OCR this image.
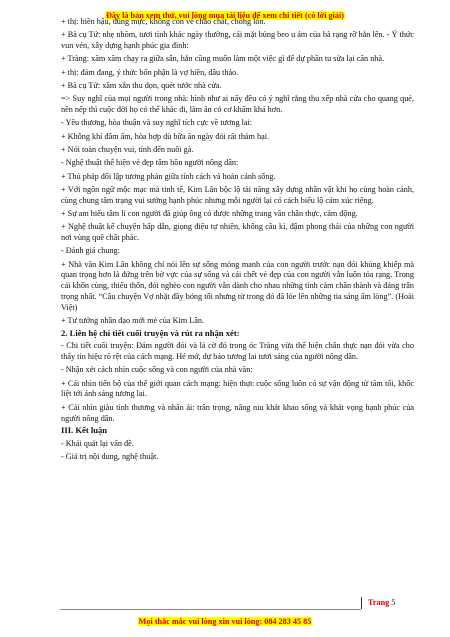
Đây là bản xem thử, vui lòng mua tài liệu để xem chi tiết (có lời giải)

+ thị: hiền hậu, đúng mực, không còn vẻ chao chát, chỏng lỏn.

+ Bà cụ Tứ: nhẹ nhõm, tươi tỉnh khác ngày thường, cái mặt bủng beo u ám của bà rạng rỡ hẳn lên. - Ý thức vun vén, xây dựng hạnh phúc gia đình:

+ Tràng: xăm xăm chạy ra giữa sân, hắn cũng muốn làm một việc gì để dự phần tu sửa lại căn nhà.

+ thị: đảm đang, ý thức bổn phận là vợ hiền, dâu thảo.

+ Bà cụ Tứ: xăm xắn thu dọn, quét tước nhà cửa.

=> Suy nghĩ của mọi người trong nhà: hình như ai nấy đều có ý nghĩ rằng thu xếp nhà cửa cho quang quẻ, nền nếp thì cuộc đời họ có thể khác đi, làm ăn có cơ khấm khá hơn.

- Yêu thương, hòa thuận và suy nghĩ tích cực về tương lai:

+ Không khí đầm ấm, hòa hợp dù bữa ăn ngày đói rất thảm hại.

+ Nói toàn chuyện vui, tính đến nuôi gà.

- Nghệ thuật thể hiện vẻ đẹp tâm hồn người nông dân:

+ Thủ pháp đối lập tương phản giữa tính cách và hoàn cảnh sống.

+ Với ngôn ngữ mộc mạc mà tinh tế, Kim Lân bộc lộ tài năng xây dựng nhân vật khi họ cùng hoàn cảnh, cùng chung tâm trạng vui sướng hạnh phúc nhưng mỗi người lại có cách biểu lộ cảm xúc riêng.

+ Sự am hiểu tâm lí con người đã giúp ông có được những trang văn chân thực, cảm động.

+ Nghệ thuật kể chuyện hấp dẫn, giọng điệu tự nhiên, không cầu kì, đậm phong thái của những con người nơi vùng quê chất phác.

- Đánh giá chung:

+ Nhà văn Kim Lân không chỉ nói lên sự sống mỏng manh của con người trước nạn đói khủng khiếp mà quan trọng hơn là đứng trên bờ vực của sự sống và cái chết vẻ đẹp của con người vẫn luôn tỏa rạng. Trong cái khốn cùng, thiếu thốn, đói nghèo con người vẫn dành cho nhau những tình cảm chân thành và đáng trân trọng nhất. “Câu chuyện Vợ nhặt đầy bóng tối nhưng từ trong đó đã lóe lên những tia sáng ấm lòng”. (Hoài Việt)

+ Tư tưởng nhân đạo mới mẻ của Kim Lân.

2. Liên hệ chi tiết cuối truyện và rút ra nhận xét:

- Chi tiết cuối truyện: Đám người đói và lá cờ đỏ trong óc Tràng vừa thể hiện chân thực nạn đói vừa cho thấy tín hiệu rõ rệt của cách mạng. Hé mở, dự báo tương lai tươi sáng của người nông dân.

- Nhận xét cách nhìn cuộc sống và con người của nhà văn:

+ Cái nhìn tiến bộ của thế giới quan cách mạng: hiện thực cuộc sống luôn có sự vận động từ tăm tối, khốc liệt tới ánh sáng tương lai.

+ Cái nhìn giàu tình thương và nhân ái: trân trọng, nâng niu khát khao sống và khát vọng hạnh phúc của người nông dân.

III. Kết luận

- Khái quát lại vấn đề.

- Giá trị nội dung, nghệ thuật.

Trang 5
Mọi thắc mắc vui lòng xin vui lòng: 084 283 45 85
